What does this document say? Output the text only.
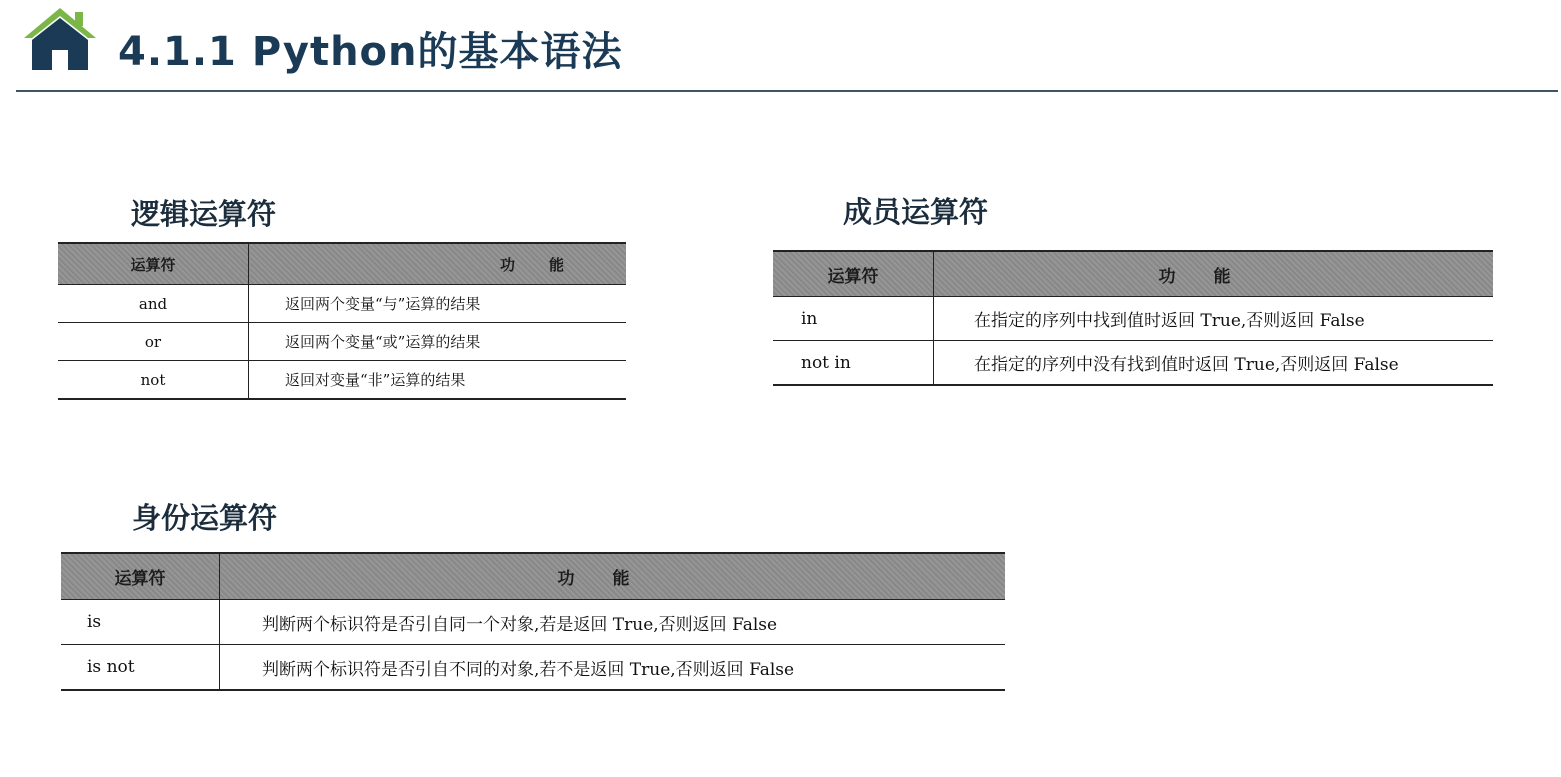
4.1.1 Python的基本语法
逻辑运算符
运算符	功能
and	返回两个变量“与”运算的结果
or	返回两个变量“或”运算的结果
not	返回对变量“非”运算的结果
成员运算符
运算符	功能
in	在指定的序列中找到值时返回 True,否则返回 False
not in	在指定的序列中没有找到值时返回 True,否则返回 False
身份运算符
运算符	功能
is	判断两个标识符是否引自同一个对象,若是返回 True,否则返回 False
is not	判断两个标识符是否引自不同的对象,若不是返回 True,否则返回 False
